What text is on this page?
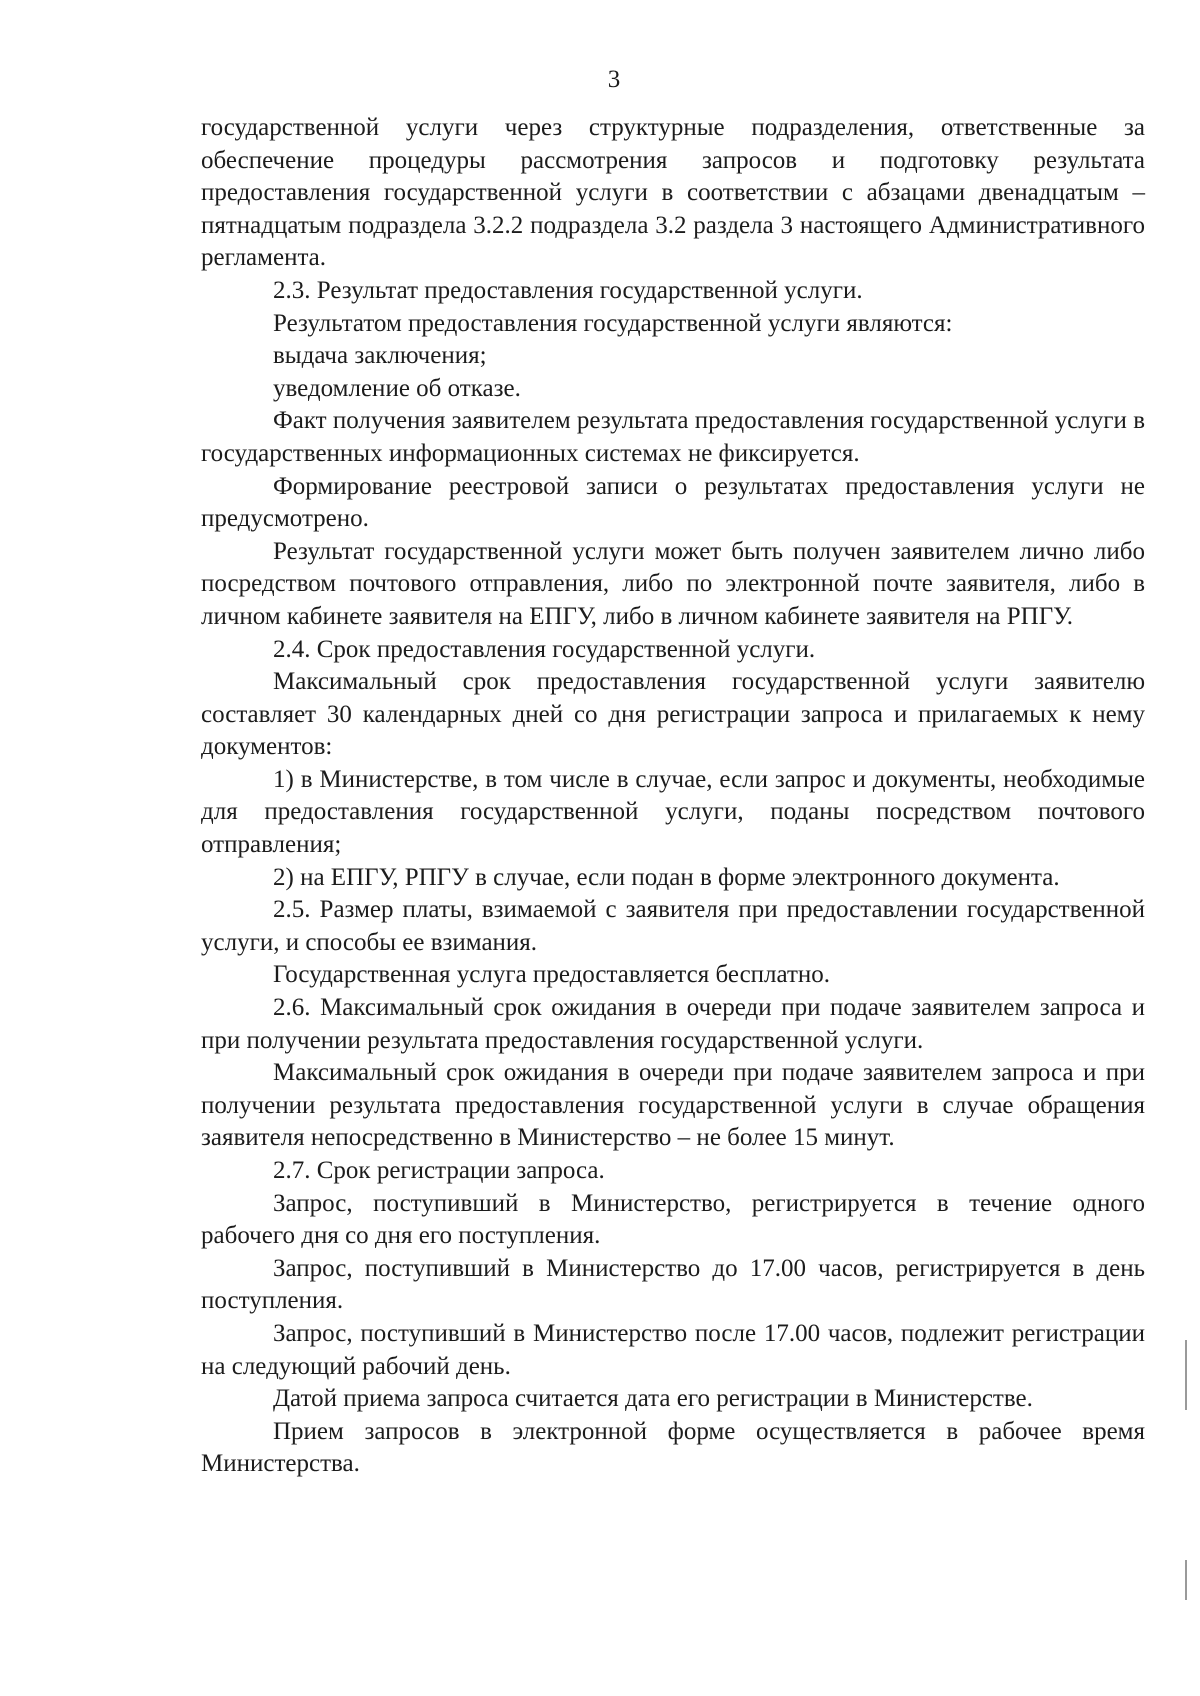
3

государственной услуги через структурные подразделения, ответственные за обеспечение процедуры рассмотрения запросов и подготовку результата предоставления государственной услуги в соответствии с абзацами двенадцатым – пятнадцатым подраздела 3.2.2 подраздела 3.2 раздела 3 настоящего Административного регламента.

2.3. Результат предоставления государственной услуги.

Результатом предоставления государственной услуги являются:

выдача заключения;

уведомление об отказе.

Факт получения заявителем результата предоставления государственной услуги в государственных информационных системах не фиксируется.

Формирование реестровой записи о результатах предоставления услуги не предусмотрено.

Результат государственной услуги может быть получен заявителем лично либо посредством почтового отправления, либо по электронной почте заявителя, либо в личном кабинете заявителя на ЕПГУ, либо в личном кабинете заявителя на РПГУ.

2.4. Срок предоставления государственной услуги.

Максимальный срок предоставления государственной услуги заявителю составляет 30 календарных дней со дня регистрации запроса и прилагаемых к нему документов:

1) в Министерстве, в том числе в случае, если запрос и документы, необходимые для предоставления государственной услуги, поданы посредством почтового отправления;

2) на ЕПГУ, РПГУ в случае, если подан в форме электронного документа.

2.5. Размер платы, взимаемой с заявителя при предоставлении государственной услуги, и способы ее взимания.

Государственная услуга предоставляется бесплатно.

2.6. Максимальный срок ожидания в очереди при подаче заявителем запроса и при получении результата предоставления государственной услуги.

Максимальный срок ожидания в очереди при подаче заявителем запроса и при получении результата предоставления государственной услуги в случае обращения заявителя непосредственно в Министерство – не более 15 минут.

2.7. Срок регистрации запроса.

Запрос, поступивший в Министерство, регистрируется в течение одного рабочего дня со дня его поступления.

Запрос, поступивший в Министерство до 17.00 часов, регистрируется в день поступления.

Запрос, поступивший в Министерство после 17.00 часов, подлежит регистрации на следующий рабочий день.

Датой приема запроса считается дата его регистрации в Министерстве.

Прием запросов в электронной форме осуществляется в рабочее время Министерства.
